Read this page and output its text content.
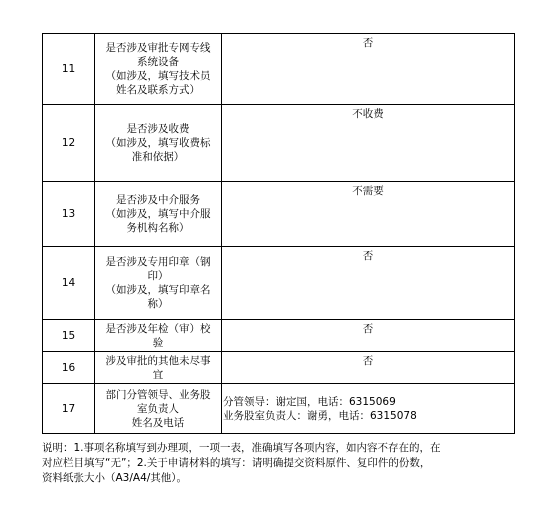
11	是否涉及审批专网专线
系统设备
（如涉及，填写技术员
姓名及联系方式）	否

12	是否涉及收费
（如涉及，填写收费标
准和依据）	不收费

13	是否涉及中介服务
（如涉及，填写中介服
务机构名称）	不需要

14	是否涉及专用印章（钢
印）
（如涉及，填写印章名
称）	否

15	是否涉及年检（审）校
验	否

16	涉及审批的其他未尽事
宜	否

17	部门分管领导、业务股
室负责人
姓名及电话	分管领导：谢定国，电话：6315069
业务股室负责人：谢勇，电话：6315078

说明：1.事项名称填写到办理项，一项一表，准确填写各项内容，如内容不存在的，在
对应栏目填写“无”；2.关于申请材料的填写：请明确提交资料原件、复印件的份数，
资料纸张大小（A3/A4/其他）。
